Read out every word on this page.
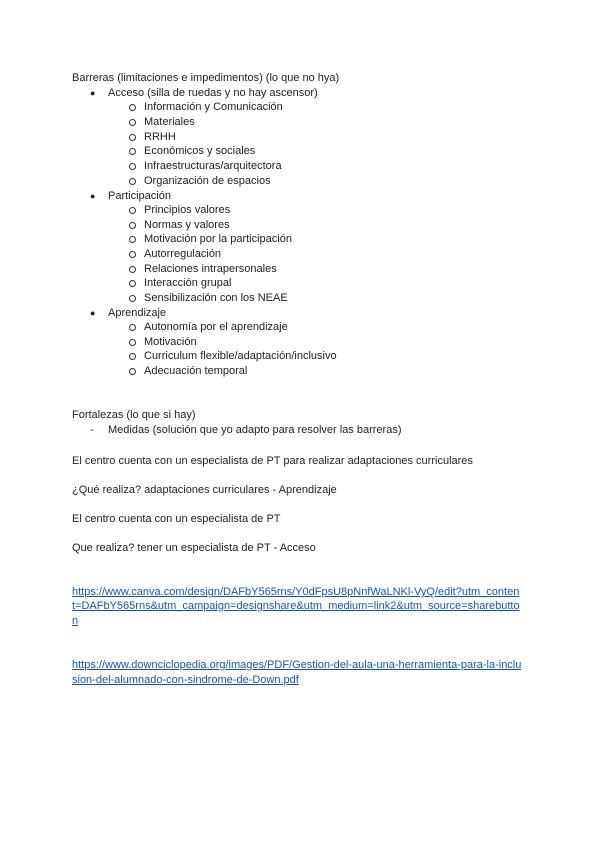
Barreras (limitaciones e impedimentos) (lo que no hya)
● Acceso (silla de ruedas y no hay ascensor)
Información y Comunicación
Materiales
RRHH
Económicos y sociales
Infraestructuras/arquitectora
Organización de espacios
● Participación
Principios valores
Normas y valores
Motivación por la participación
Autorregulación
Relaciones intrapersonales
Interacción grupal
Sensibilización con los NEAE
● Aprendizaje
Autonomía por el aprendizaje
Motivación
Curriculum flexible/adaptación/inclusivo
Adecuación temporal
Fortalezas (lo que si hay)
- Medidas (solución que yo adapto para resolver las barreras)
El centro cuenta con un especialista de PT para realizar adaptaciones curriculares
¿Qué realiza? adaptaciones curriculares - Aprendizaje
El centro cuenta con un especialista de PT
Que realiza? tener un especialista de PT - Acceso
https://www.canva.com/design/DAFbY565rns/Y0dFpsU8pNnfWaLNKl-VyQ/edit?utm_conten
t=DAFbY565rns&utm_campaign=designshare&utm_medium=link2&utm_source=sharebutto
n
https://www.downciclopedia.org/images/PDF/Gestion-del-aula-una-herramienta-para-la-inclu
sion-del-alumnado-con-sindrome-de-Down.pdf
